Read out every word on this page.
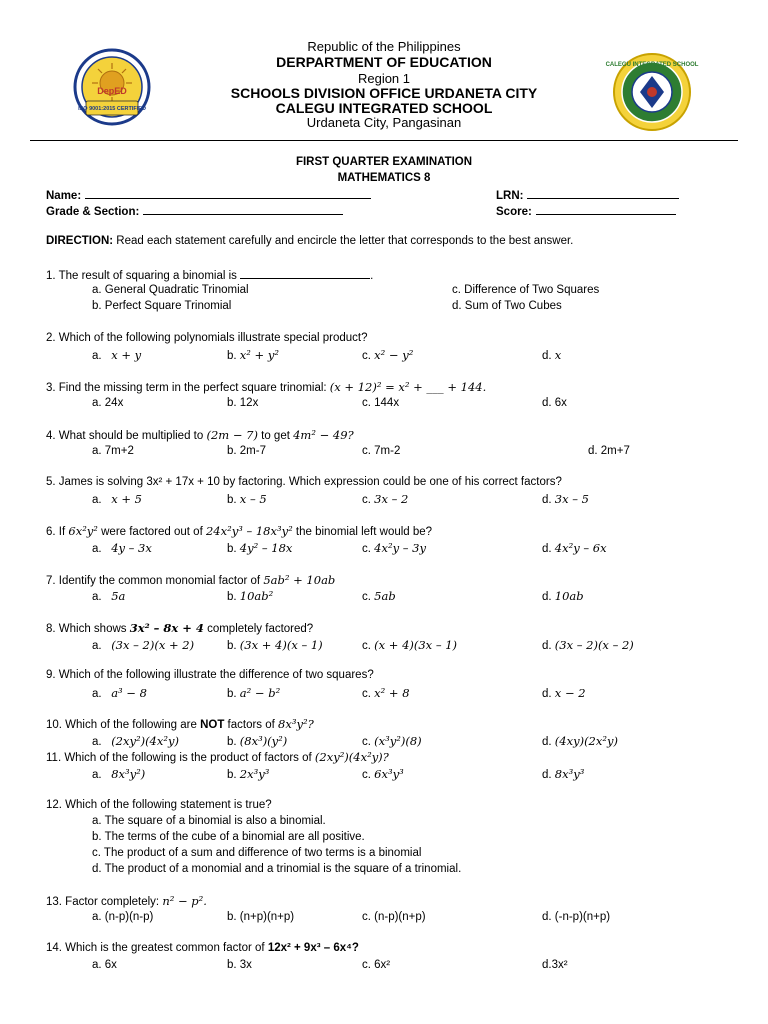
DepED
ISO 9001:2015 CERTIFIED
CALEGU INTEGRATED SCHOOL
Republic of the Philippines
DERPARTMENT OF EDUCATION
Region 1
SCHOOLS DIVISION OFFICE URDANETA CITY
CALEGU INTEGRATED SCHOOL
Urdaneta City, Pangasinan
FIRST QUARTER EXAMINATION
MATHEMATICS 8
Name:	LRN:
Grade & Section:	Score:
DIRECTION: Read each statement carefully and encircle the letter that corresponds to the best answer.
1. The result of squaring a binomial is	.
a. General Quadratic Trinomial	c. Difference of Two Squares
b. Perfect Square Trinomial	d. Sum of Two Cubes
2. Which of the following polynomials illustrate special product?
a. x + y	b. x² + y²	c. x² − y²	d. x
3. Find the missing term in the perfect square trinomial: (x + 12)² = x² + ___ + 144.
a. 24x	b. 12x	c. 144x	d. 6x
4. What should be multiplied to (2m − 7) to get 4m² − 49?
a. 7m+2	b. 2m-7	c. 7m-2	d. 2m+7
5. James is solving 3x² + 17x + 10 by factoring. Which expression could be one of his correct factors?
a. x + 5	b. x – 5	c. 3x – 2	d. 3x – 5
6. If 6x²y² were factored out of 24x²y³ – 18x³y² the binomial left would be?
a. 4y – 3x	b. 4y² – 18x	c. 4x²y – 3y	d. 4x²y – 6x
7. Identify the common monomial factor of 5ab² + 10ab
a. 5a	b. 10ab²	c. 5ab	d. 10ab
8. Which shows 3x² – 8x + 4 completely factored?
a. (3x – 2)(x + 2)	b. (3x + 4)(x – 1)	c. (x + 4)(3x – 1)	d. (3x – 2)(x – 2)
9. Which of the following illustrate the difference of two squares?
a. a³ − 8	b. a² − b²	c. x² + 8	d. x − 2
10. Which of the following are NOT factors of 8x³y²?
a. (2xy²)(4x²y)	b. (8x³)(y²)	c. (x³y²)(8)	d. (4xy)(2x²y)
11. Which of the following is the product of factors of (2xy²)(4x²y)?
a. 8x³y²)	b. 2x³y³	c. 6x³y³	d. 8x³y³
12. Which of the following statement is true?
a. The square of a binomial is also a binomial.
b. The terms of the cube of a binomial are all positive.
c. The product of a sum and difference of two terms is a binomial
d. The product of a monomial and a trinomial is the square of a trinomial.
13. Factor completely: n² − p².
a. (n-p)(n-p)	b. (n+p)(n+p)	c. (n-p)(n+p)	d. (-n-p)(n+p)
14. Which is the greatest common factor of 12x² + 9x³ – 6x⁴?
a. 6x	b. 3x	c. 6x²	d.3x²
